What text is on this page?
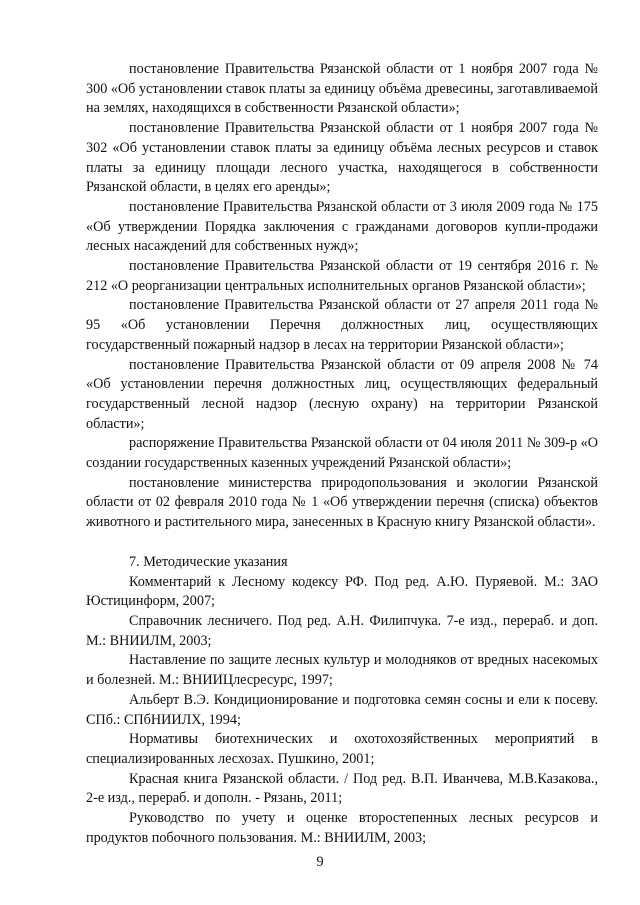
постановление Правительства Рязанской области от 1 ноября 2007 года № 300 «Об установлении ставок платы за единицу объёма древесины, заготавливаемой на землях, находящихся в собственности Рязанской области»;

постановление Правительства Рязанской области от 1 ноября 2007 года № 302 «Об установлении ставок платы за единицу объёма лесных ресурсов и ставок платы за единицу площади лесного участка, находящегося в собственности Рязанской области, в целях его аренды»;

постановление Правительства Рязанской области от 3 июля 2009 года № 175 «Об утверждении Порядка заключения с гражданами договоров купли-продажи лесных насаждений для собственных нужд»;

постановление Правительства Рязанской области от 19 сентября 2016 г. № 212 «О реорганизации центральных исполнительных органов Рязанской области»;

постановление Правительства Рязанской области от 27 апреля 2011 года № 95 «Об установлении Перечня должностных лиц, осуществляющих государственный пожарный надзор в лесах на территории Рязанской области»;

постановление Правительства Рязанской области от 09 апреля 2008 № 74 «Об установлении перечня должностных лиц, осуществляющих федеральный государственный лесной надзор (лесную охрану) на территории Рязанской области»;

распоряжение Правительства Рязанской области от 04 июля 2011 № 309-р «О создании государственных казенных учреждений Рязанской области»;

постановление министерства природопользования и экологии Рязанской области от 02 февраля 2010 года № 1 «Об утверждении перечня (списка) объектов животного и растительного мира, занесенных в Красную книгу Рязанской области».

7. Методические указания

Комментарий к Лесному кодексу РФ. Под ред. А.Ю. Пуряевой. М.: ЗАО Юстицинформ, 2007;

Справочник лесничего. Под ред. А.Н. Филипчука. 7-е изд., перераб. и доп. М.: ВНИИЛМ, 2003;

Наставление по защите лесных культур и молодняков от вредных насекомых и болезней. М.: ВНИИЦлесресурс, 1997;

Альберт В.Э. Кондиционирование и подготовка семян сосны и ели к посеву. СПб.: СПбНИИЛХ, 1994;

Нормативы биотехнических и охотохозяйственных мероприятий в специализированных лесхозах. Пушкино, 2001;

Красная книга Рязанской области. / Под ред. В.П. Иванчева, М.В.Казакова., 2-е изд., перераб. и дополн. - Рязань, 2011;

Руководство по учету и оценке второстепенных лесных ресурсов и продуктов побочного пользования. М.: ВНИИЛМ, 2003;

9
